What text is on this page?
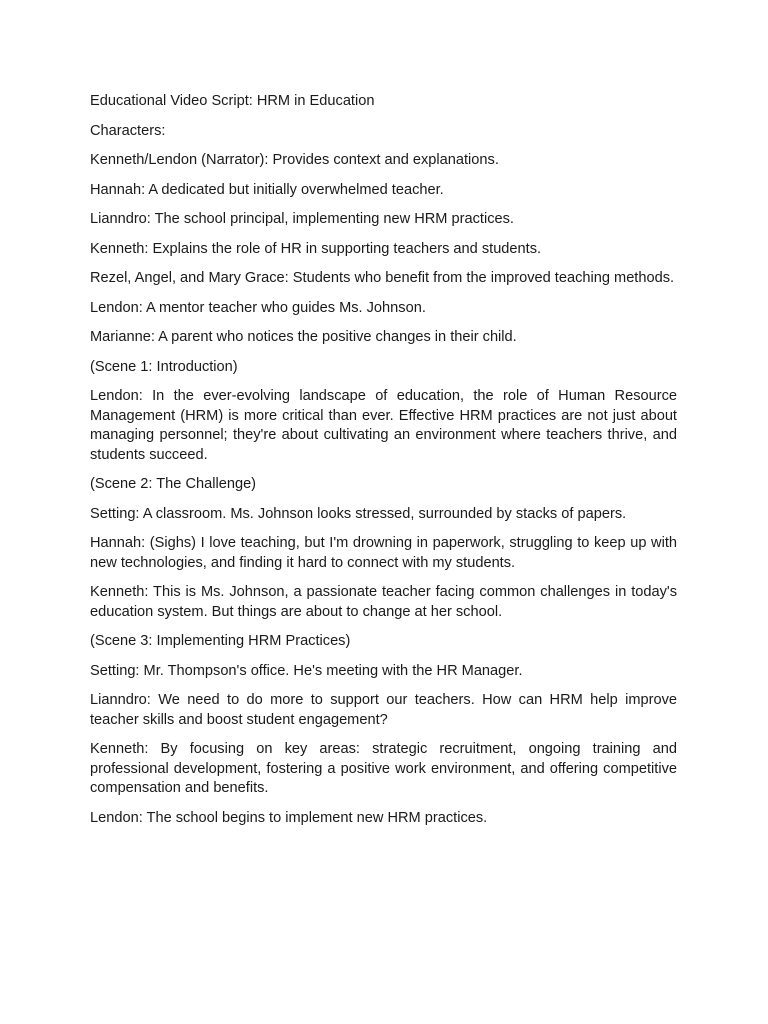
Educational Video Script: HRM in Education

Characters:

Kenneth/Lendon (Narrator): Provides context and explanations.

Hannah: A dedicated but initially overwhelmed teacher.

Lianndro: The school principal, implementing new HRM practices.

Kenneth: Explains the role of HR in supporting teachers and students.

Rezel, Angel, and Mary Grace: Students who benefit from the improved teaching methods.

Lendon: A mentor teacher who guides Ms. Johnson.

Marianne: A parent who notices the positive changes in their child.

(Scene 1: Introduction)

Lendon: In the ever-evolving landscape of education, the role of Human Resource Management (HRM) is more critical than ever. Effective HRM practices are not just about managing personnel; they're about cultivating an environment where teachers thrive, and students succeed.

(Scene 2: The Challenge)

Setting: A classroom. Ms. Johnson looks stressed, surrounded by stacks of papers.

Hannah: (Sighs) I love teaching, but I'm drowning in paperwork, struggling to keep up with new technologies, and finding it hard to connect with my students.

Kenneth: This is Ms. Johnson, a passionate teacher facing common challenges in today's education system. But things are about to change at her school.

(Scene 3: Implementing HRM Practices)

Setting: Mr. Thompson's office. He's meeting with the HR Manager.

Lianndro: We need to do more to support our teachers. How can HRM help improve teacher skills and boost student engagement?

Kenneth: By focusing on key areas: strategic recruitment, ongoing training and professional development, fostering a positive work environment, and offering competitive compensation and benefits.

Lendon: The school begins to implement new HRM practices.
